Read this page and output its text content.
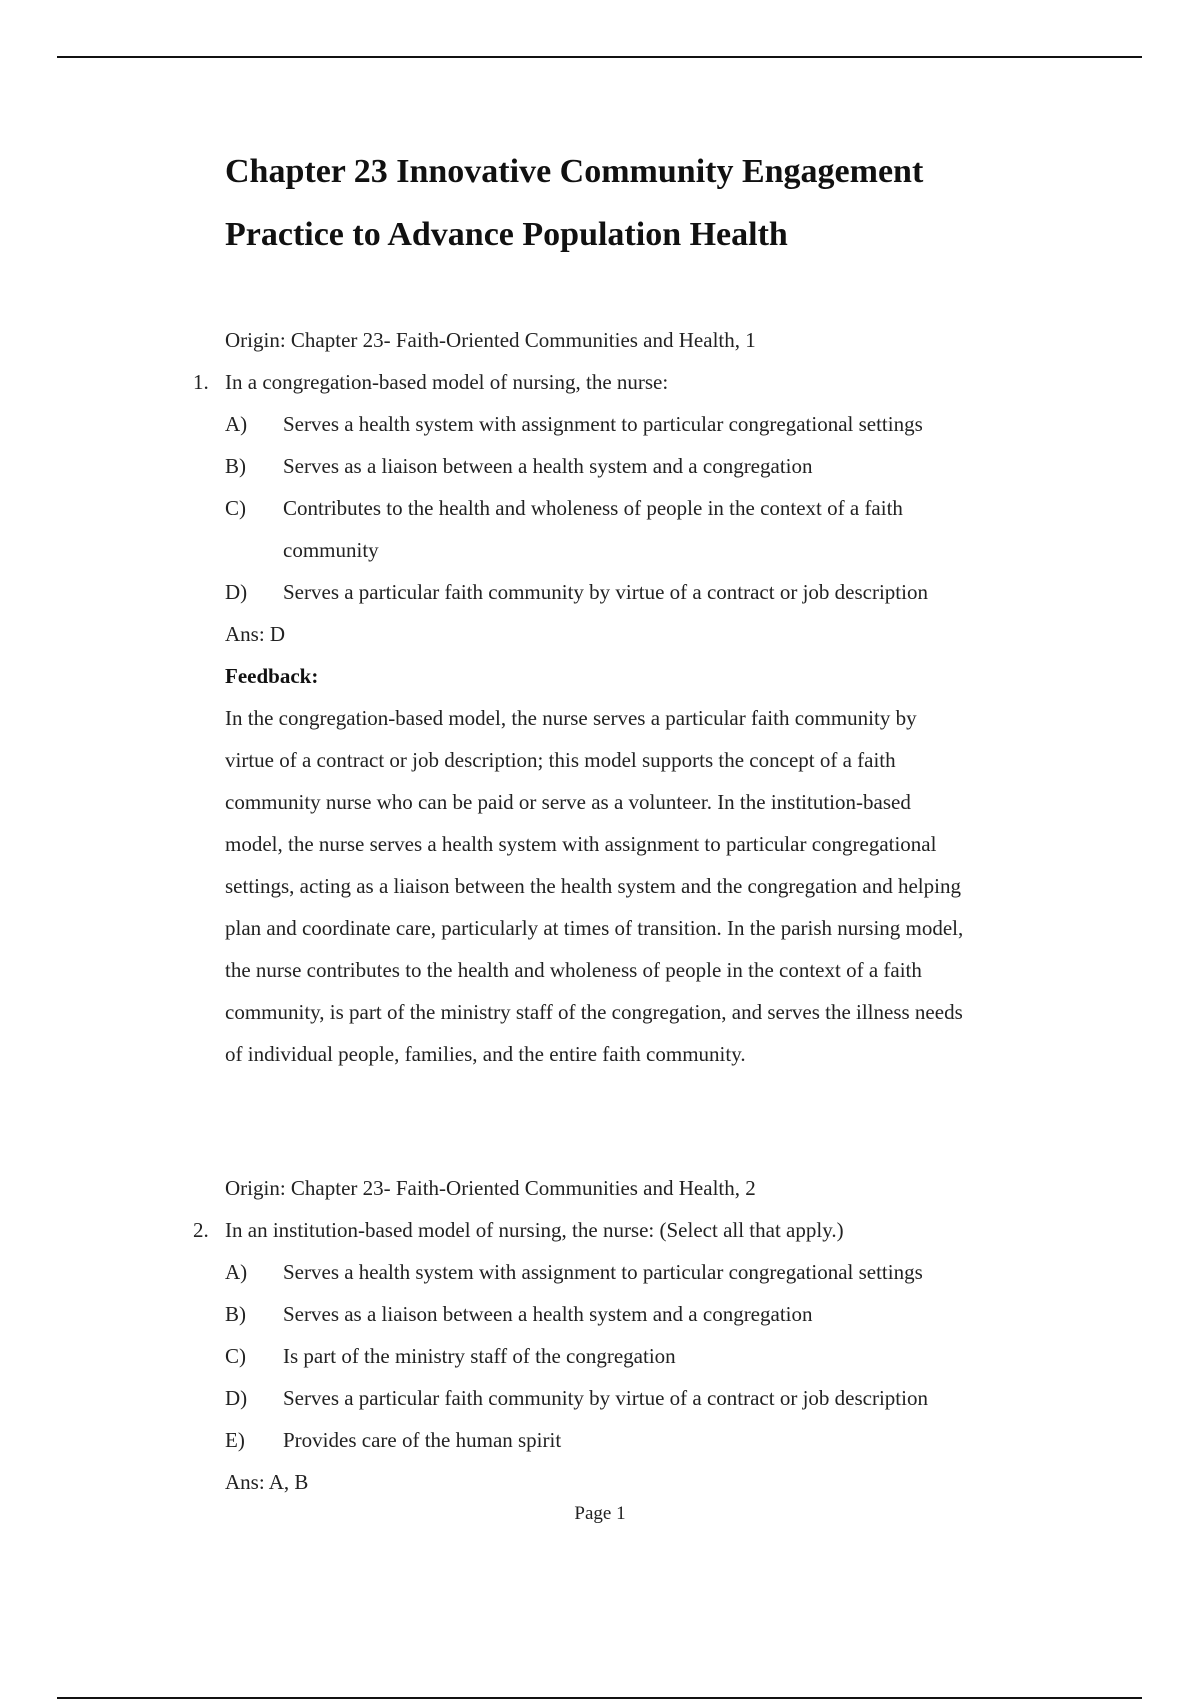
Chapter 23 Innovative Community Engagement
Practice to Advance Population Health
Origin: Chapter 23- Faith-Oriented Communities and Health, 1
1. In a congregation-based model of nursing, the nurse:
A) Serves a health system with assignment to particular congregational settings
B) Serves as a liaison between a health system and a congregation
C) Contributes to the health and wholeness of people in the context of a faith
community
D) Serves a particular faith community by virtue of a contract or job description
Ans: D
Feedback:
In the congregation-based model, the nurse serves a particular faith community by
virtue of a contract or job description; this model supports the concept of a faith
community nurse who can be paid or serve as a volunteer. In the institution-based
model, the nurse serves a health system with assignment to particular congregational
settings, acting as a liaison between the health system and the congregation and helping
plan and coordinate care, particularly at times of transition. In the parish nursing model,
the nurse contributes to the health and wholeness of people in the context of a faith
community, is part of the ministry staff of the congregation, and serves the illness needs
of individual people, families, and the entire faith community.
Origin: Chapter 23- Faith-Oriented Communities and Health, 2
2. In an institution-based model of nursing, the nurse: (Select all that apply.)
A) Serves a health system with assignment to particular congregational settings
B) Serves as a liaison between a health system and a congregation
C) Is part of the ministry staff of the congregation
D) Serves a particular faith community by virtue of a contract or job description
E) Provides care of the human spirit
Ans: A, B
Page 1
